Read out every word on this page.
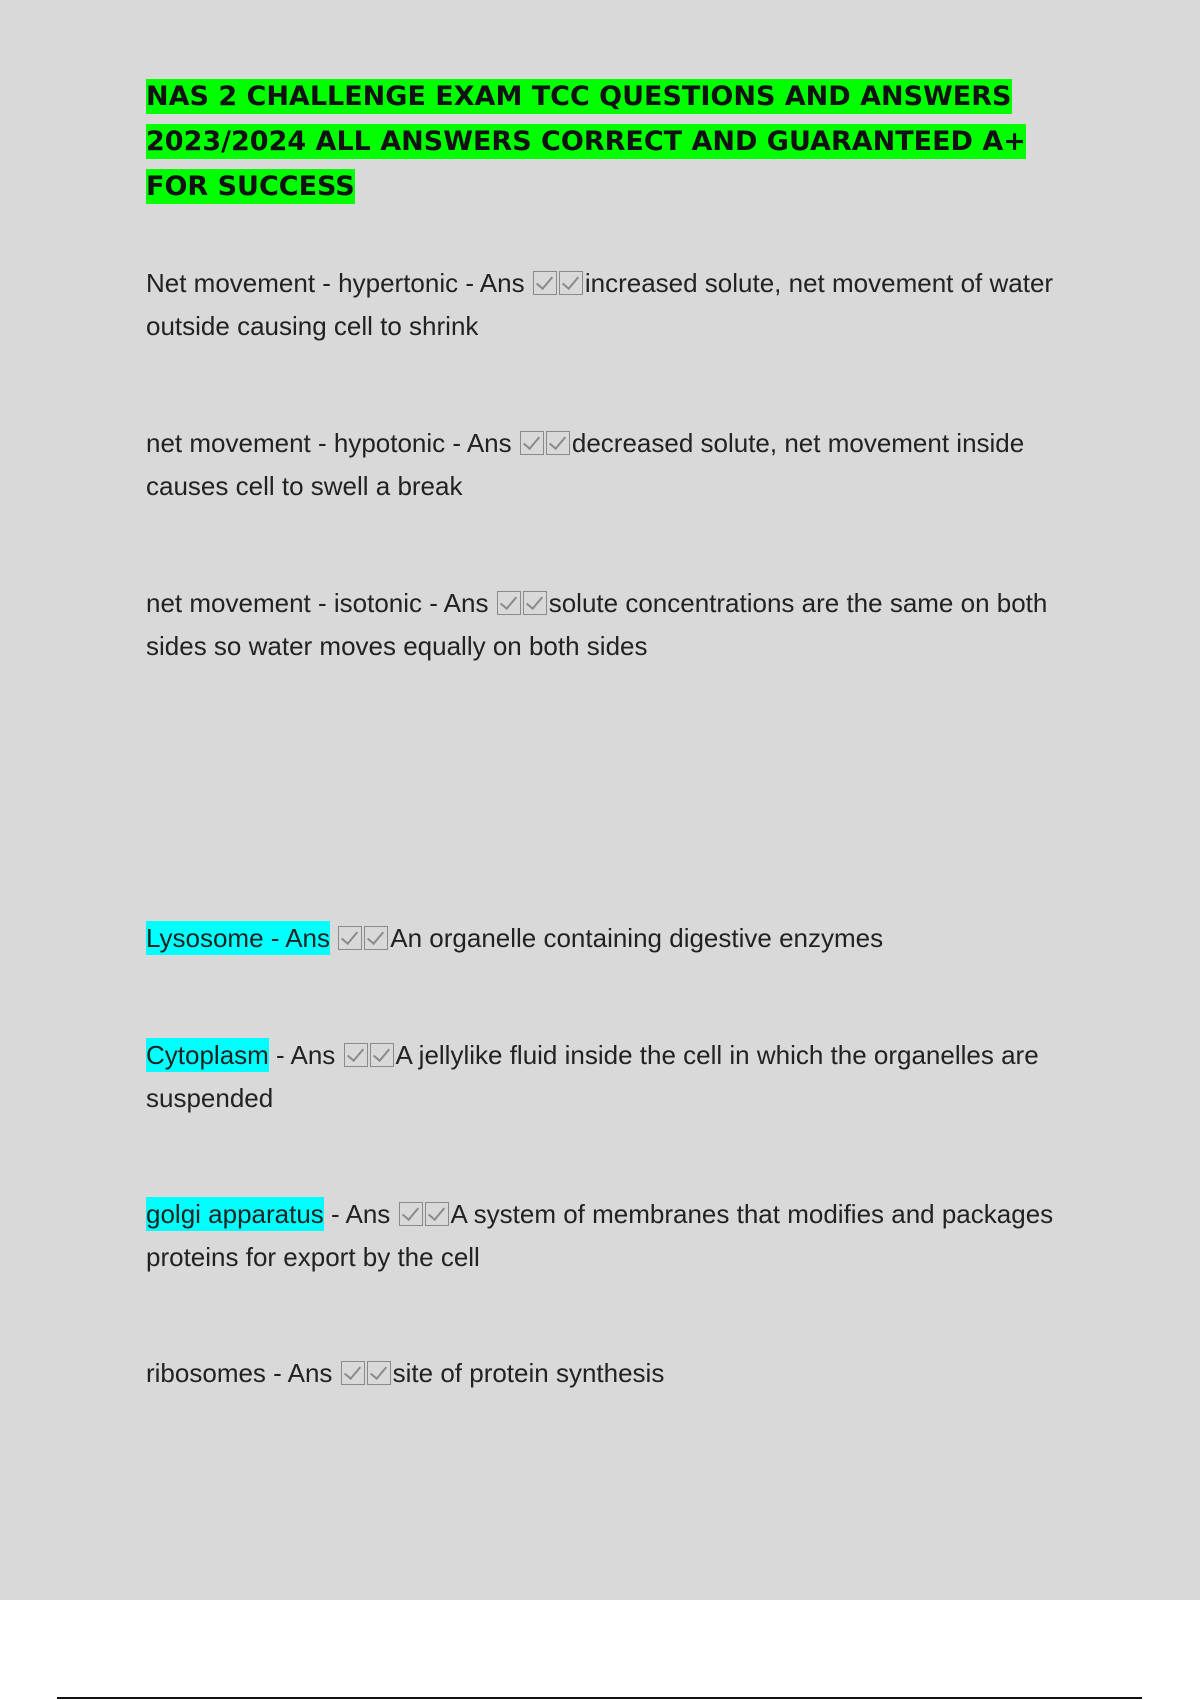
NAS 2 CHALLENGE EXAM TCC QUESTIONS AND ANSWERS 2023/2024 ALL ANSWERS CORRECT AND GUARANTEED A+ FOR SUCCESS

Net movement - hypertonic - Ans increased solute, net movement of water outside causing cell to shrink

net movement - hypotonic - Ans decreased solute, net movement inside causes cell to swell a break

net movement - isotonic - Ans solute concentrations are the same on both sides so water moves equally on both sides

Lysosome - Ans An organelle containing digestive enzymes

Cytoplasm - Ans A jellylike fluid inside the cell in which the organelles are suspended

golgi apparatus - Ans A system of membranes that modifies and packages proteins for export by the cell

ribosomes - Ans site of protein synthesis
